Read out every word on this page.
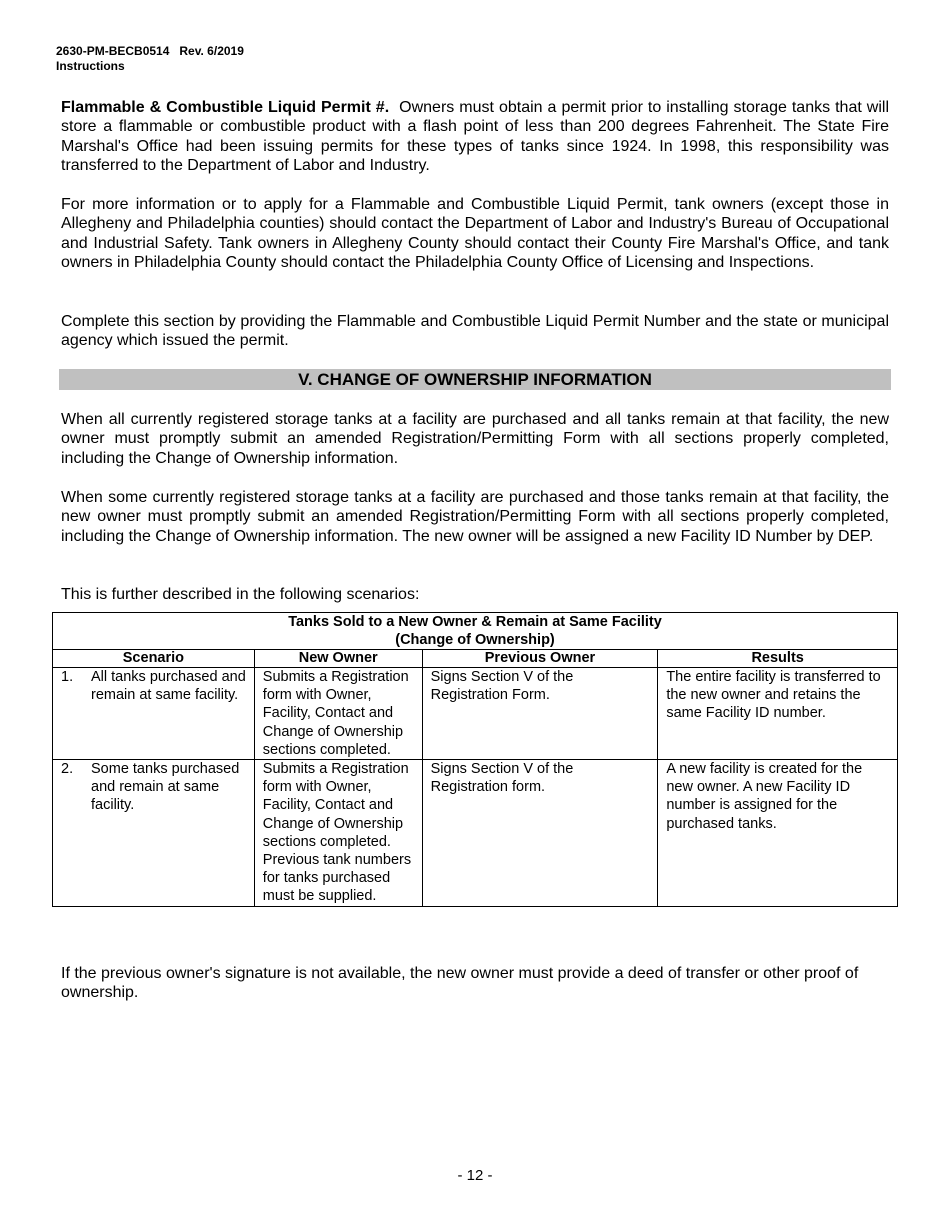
2630-PM-BECB0514 Rev. 6/2019
Instructions

Flammable & Combustible Liquid Permit #. Owners must obtain a permit prior to installing storage tanks that will store a flammable or combustible product with a flash point of less than 200 degrees Fahrenheit. The State Fire Marshal's Office had been issuing permits for these types of tanks since 1924. In 1998, this responsibility was transferred to the Department of Labor and Industry.

For more information or to apply for a Flammable and Combustible Liquid Permit, tank owners (except those in Allegheny and Philadelphia counties) should contact the Department of Labor and Industry's Bureau of Occupational and Industrial Safety. Tank owners in Allegheny County should contact their County Fire Marshal's Office, and tank owners in Philadelphia County should contact the Philadelphia County Office of Licensing and Inspections.

Complete this section by providing the Flammable and Combustible Liquid Permit Number and the state or municipal agency which issued the permit.

V. CHANGE OF OWNERSHIP INFORMATION

When all currently registered storage tanks at a facility are purchased and all tanks remain at that facility, the new owner must promptly submit an amended Registration/Permitting Form with all sections properly completed, including the Change of Ownership information.

When some currently registered storage tanks at a facility are purchased and those tanks remain at that facility, the new owner must promptly submit an amended Registration/Permitting Form with all sections properly completed, including the Change of Ownership information. The new owner will be assigned a new Facility ID Number by DEP.

This is further described in the following scenarios:

Tanks Sold to a New Owner & Remain at Same Facility
(Change of Ownership)			

Scenario	New Owner	Previous Owner	Results

1. All tanks purchased and remain at same facility.	Submits a Registration form with Owner, Facility, Contact and Change of Ownership sections completed.	Signs Section V of the Registration Form.	The entire facility is transferred to the new owner and retains the same Facility ID number.

2. Some tanks purchased and remain at same facility.	Submits a Registration form with Owner, Facility, Contact and Change of Ownership sections completed. Previous tank numbers for tanks purchased must be supplied.	Signs Section V of the Registration form.	A new facility is created for the new owner. A new Facility ID number is assigned for the purchased tanks.

If the previous owner's signature is not available, the new owner must provide a deed of transfer or other proof of ownership.

- 12 -
